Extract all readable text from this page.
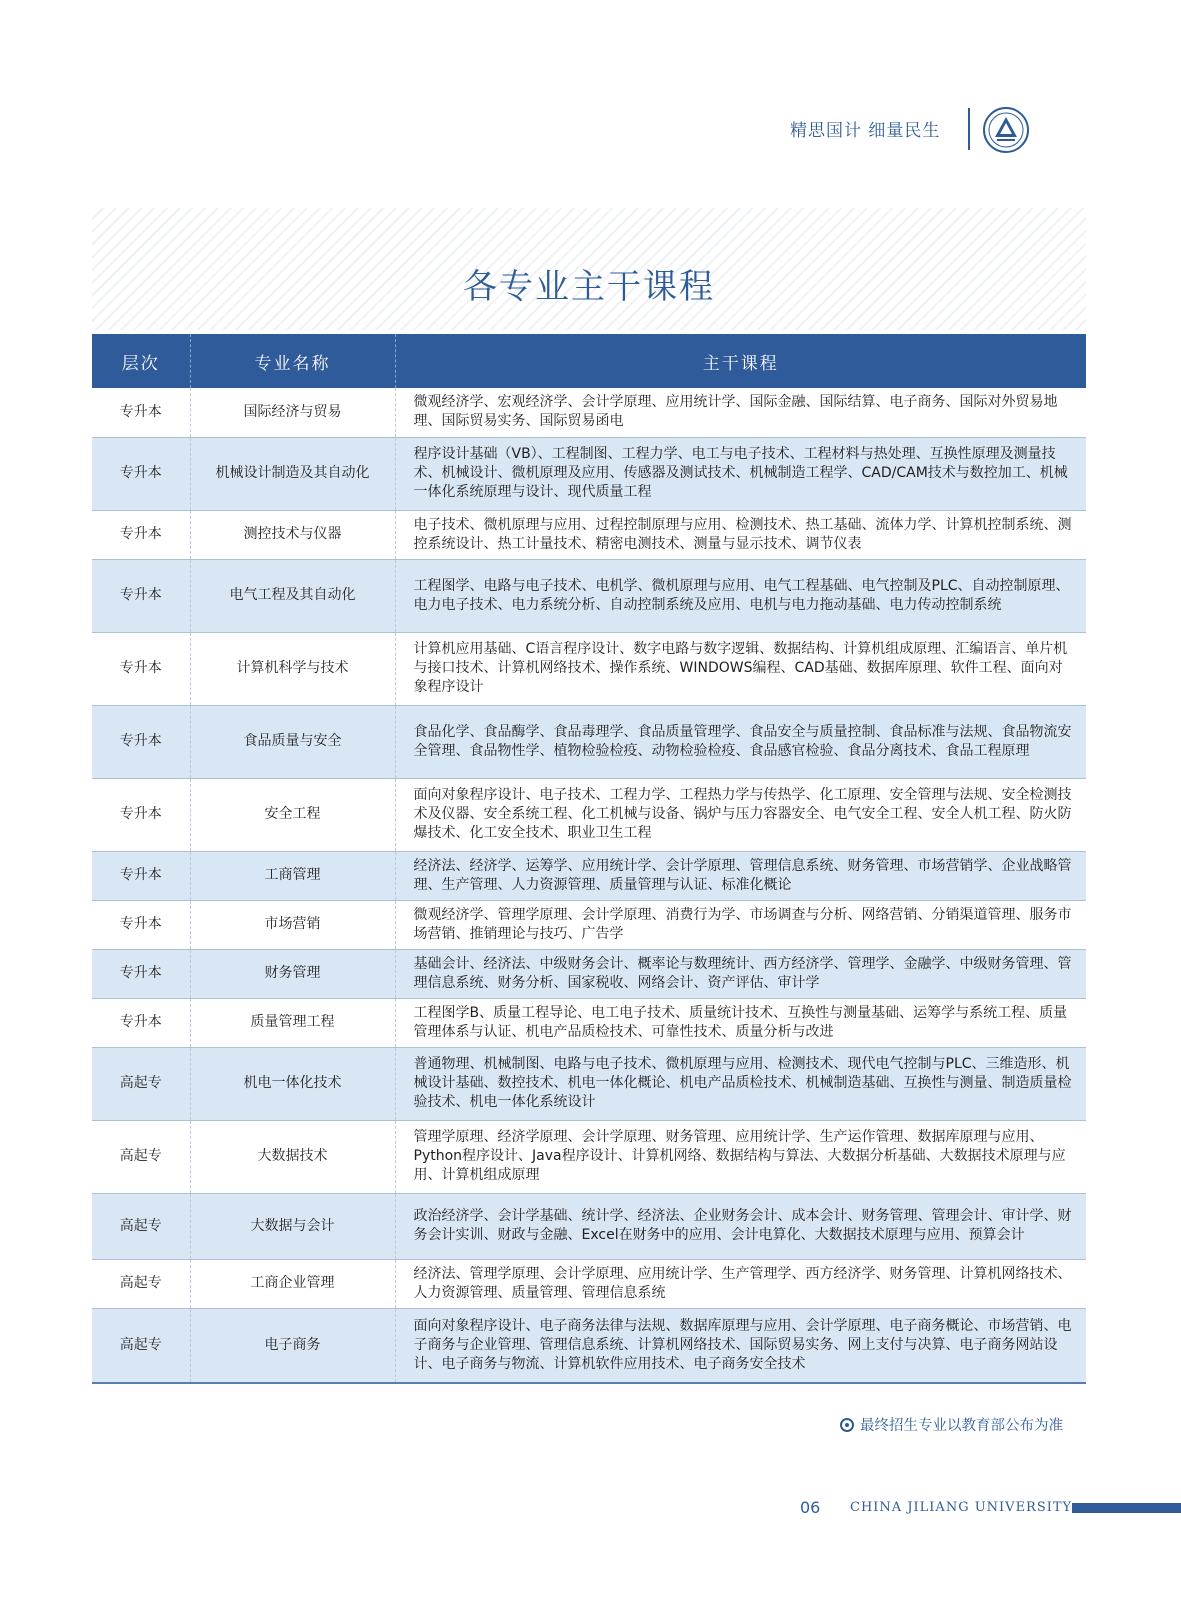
精思国计 细量民生
各专业主干课程
层次	专业名称	主干课程
专升本	国际经济与贸易	微观经济学、宏观经济学、会计学原理、应用统计学、国际金融、国际结算、电子商务、国际对外贸易地理、国际贸易实务、国际贸易函电
专升本	机械设计制造及其自动化	程序设计基础（VB）、工程制图、工程力学、电工与电子技术、工程材料与热处理、互换性原理及测量技术、机械设计、微机原理及应用、传感器及测试技术、机械制造工程学、CAD/CAM技术与数控加工、机械一体化系统原理与设计、现代质量工程
专升本	测控技术与仪器	电子技术、微机原理与应用、过程控制原理与应用、检测技术、热工基础、流体力学、计算机控制系统、测控系统设计、热工计量技术、精密电测技术、测量与显示技术、调节仪表
专升本	电气工程及其自动化	工程图学、电路与电子技术、电机学、微机原理与应用、电气工程基础、电气控制及PLC、自动控制原理、电力电子技术、电力系统分析、自动控制系统及应用、电机与电力拖动基础、电力传动控制系统
专升本	计算机科学与技术	计算机应用基础、C语言程序设计、数字电路与数字逻辑、数据结构、计算机组成原理、汇编语言、单片机与接口技术、计算机网络技术、操作系统、WINDOWS编程、CAD基础、数据库原理、软件工程、面向对象程序设计
专升本	食品质量与安全	食品化学、食品酶学、食品毒理学、食品质量管理学、食品安全与质量控制、食品标准与法规、食品物流安全管理、食品物性学、植物检验检疫、动物检验检疫、食品感官检验、食品分离技术、食品工程原理
专升本	安全工程	面向对象程序设计、电子技术、工程力学、工程热力学与传热学、化工原理、安全管理与法规、安全检测技术及仪器、安全系统工程、化工机械与设备、锅炉与压力容器安全、电气安全工程、安全人机工程、防火防爆技术、化工安全技术、职业卫生工程
专升本	工商管理	经济法、经济学、运筹学、应用统计学、会计学原理、管理信息系统、财务管理、市场营销学、企业战略管理、生产管理、人力资源管理、质量管理与认证、标准化概论
专升本	市场营销	微观经济学、管理学原理、会计学原理、消费行为学、市场调查与分析、网络营销、分销渠道管理、服务市场营销、推销理论与技巧、广告学
专升本	财务管理	基础会计、经济法、中级财务会计、概率论与数理统计、西方经济学、管理学、金融学、中级财务管理、管理信息系统、财务分析、国家税收、网络会计、资产评估、审计学
专升本	质量管理工程	工程图学B、质量工程导论、电工电子技术、质量统计技术、互换性与测量基础、运筹学与系统工程、质量管理体系与认证、机电产品质检技术、可靠性技术、质量分析与改进
高起专	机电一体化技术	普通物理、机械制图、电路与电子技术、微机原理与应用、检测技术、现代电气控制与PLC、三维造形、机械设计基础、数控技术、机电一体化概论、机电产品质检技术、机械制造基础、互换性与测量、制造质量检验技术、机电一体化系统设计
高起专	大数据技术	管理学原理、经济学原理、会计学原理、财务管理、应用统计学、生产运作管理、数据库原理与应用、Python程序设计、Java程序设计、计算机网络、数据结构与算法、大数据分析基础、大数据技术原理与应用、计算机组成原理
高起专	大数据与会计	政治经济学、会计学基础、统计学、经济法、企业财务会计、成本会计、财务管理、管理会计、审计学、财务会计实训、财政与金融、Excel在财务中的应用、会计电算化、大数据技术原理与应用、预算会计
高起专	工商企业管理	经济法、管理学原理、会计学原理、应用统计学、生产管理学、西方经济学、财务管理、计算机网络技术、人力资源管理、质量管理、管理信息系统
高起专	电子商务	面向对象程序设计、电子商务法律与法规、数据库原理与应用、会计学原理、电子商务概论、市场营销、电子商务与企业管理、管理信息系统、计算机网络技术、国际贸易实务、网上支付与决算、电子商务网站设计、电子商务与物流、计算机软件应用技术、电子商务安全技术
最终招生专业以教育部公布为准
06 CHINA JILIANG UNIVERSITY
